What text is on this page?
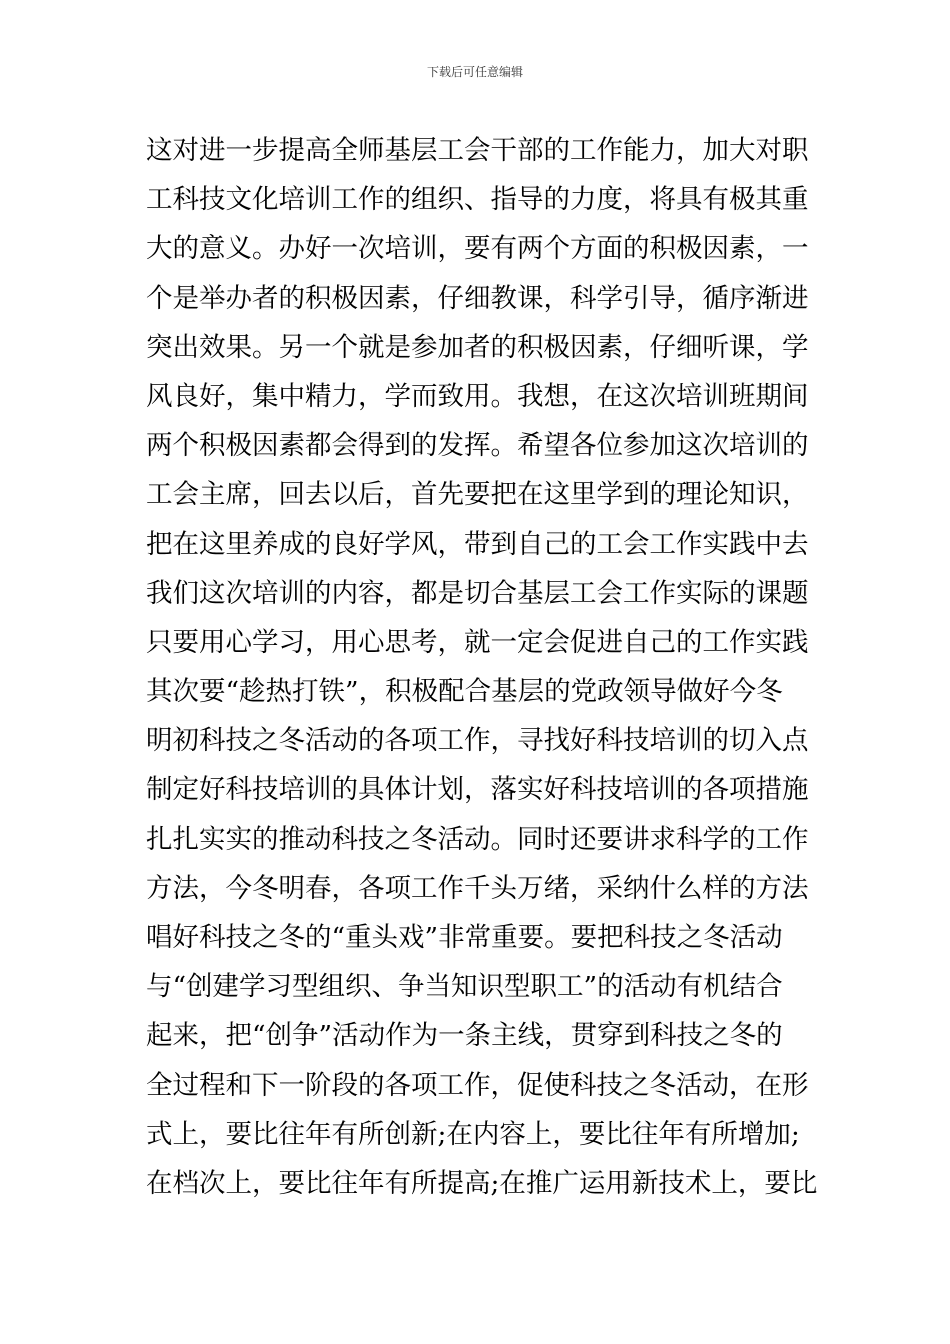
下载后可任意编辑
这对进一步提高全师基层工会干部的工作能力，加大对职
工科技文化培训工作的组织、指导的力度，将具有极其重
大的意义。办好一次培训，要有两个方面的积极因素，一
个是举办者的积极因素，仔细教课，科学引导，循序渐进
突出效果。另一个就是参加者的积极因素，仔细听课，学
风良好，集中精力，学而致用。我想，在这次培训班期间
两个积极因素都会得到的发挥。希望各位参加这次培训的
工会主席，回去以后，首先要把在这里学到的理论知识，
把在这里养成的良好学风，带到自己的工会工作实践中去
我们这次培训的内容，都是切合基层工会工作实际的课题
只要用心学习，用心思考，就一定会促进自己的工作实践
其次要“趁热打铁”，积极配合基层的党政领导做好今冬
明初科技之冬活动的各项工作，寻找好科技培训的切入点
制定好科技培训的具体计划，落实好科技培训的各项措施
扎扎实实的推动科技之冬活动。同时还要讲求科学的工作
方法，今冬明春，各项工作千头万绪，采纳什么样的方法
唱好科技之冬的“重头戏”非常重要。要把科技之冬活动
与“创建学习型组织、争当知识型职工”的活动有机结合
起来，把“创争”活动作为一条主线，贯穿到科技之冬的
全过程和下一阶段的各项工作，促使科技之冬活动，在形
式上，要比往年有所创新;在内容上，要比往年有所增加;
在档次上，要比往年有所提高;在推广运用新技术上，要比
